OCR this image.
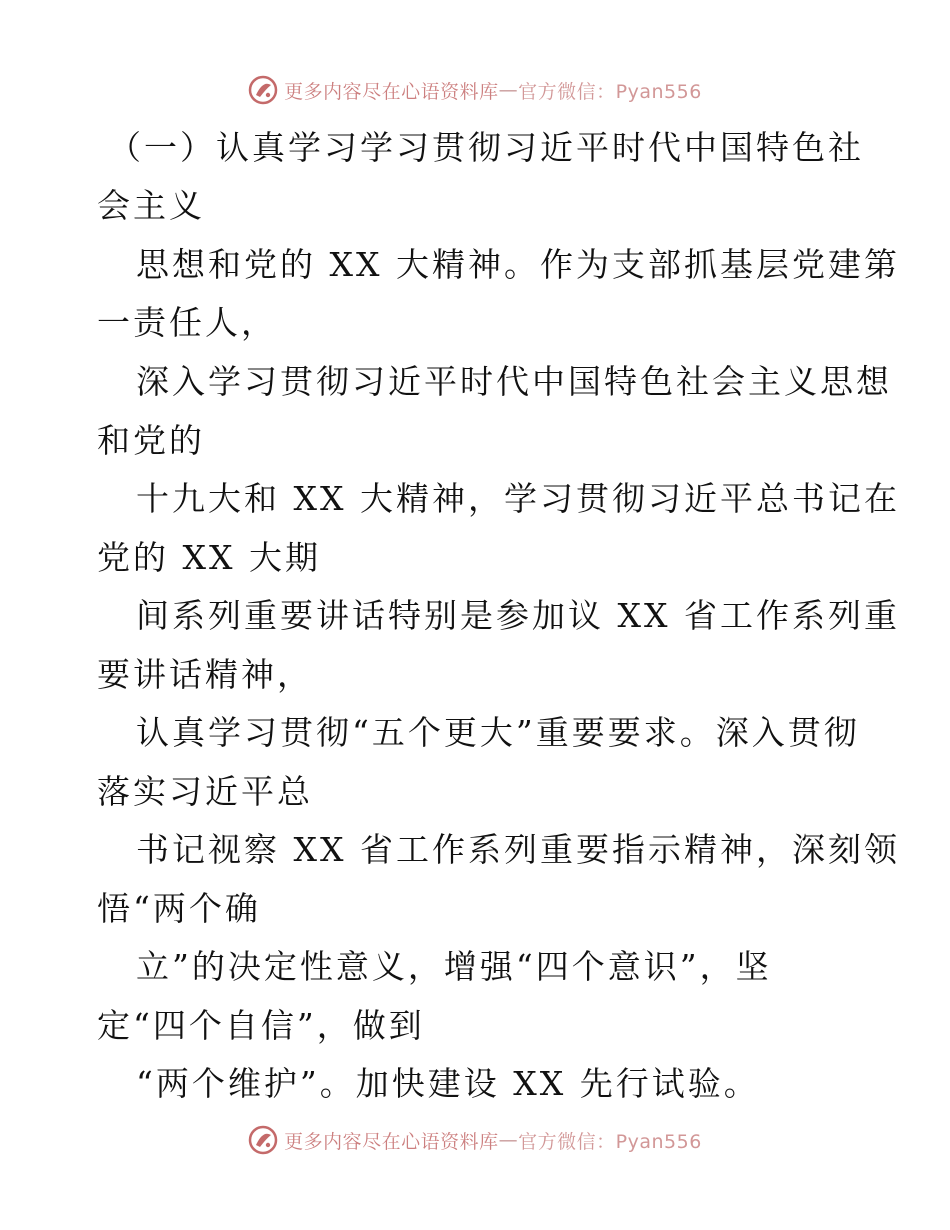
更多内容尽在心语资料库 — 官方微信：Pyan556
（一）认真学习学习贯彻习近平时代中国特色社
会主义
思想和党的 XX 大精神。作为支部抓基层党建第
一责任人，
深入学习贯彻习近平时代中国特色社会主义思想
和党的
十九大和 XX 大精神，学习贯彻习近平总书记在
党的 XX 大期
间系列重要讲话特别是参加议 XX 省工作系列重
要讲话精神，
认真学习贯彻“五个更大”重要要求。深入贯彻
落实习近平总
书记视察 XX 省工作系列重要指示精神，深刻领
悟“两个确
立”的决定性意义，增强“四个意识”，坚
定“四个自信”，做到
“两个维护”。加快建设 XX 先行试验。
更多内容尽在心语资料库 — 官方微信：Pyan556
